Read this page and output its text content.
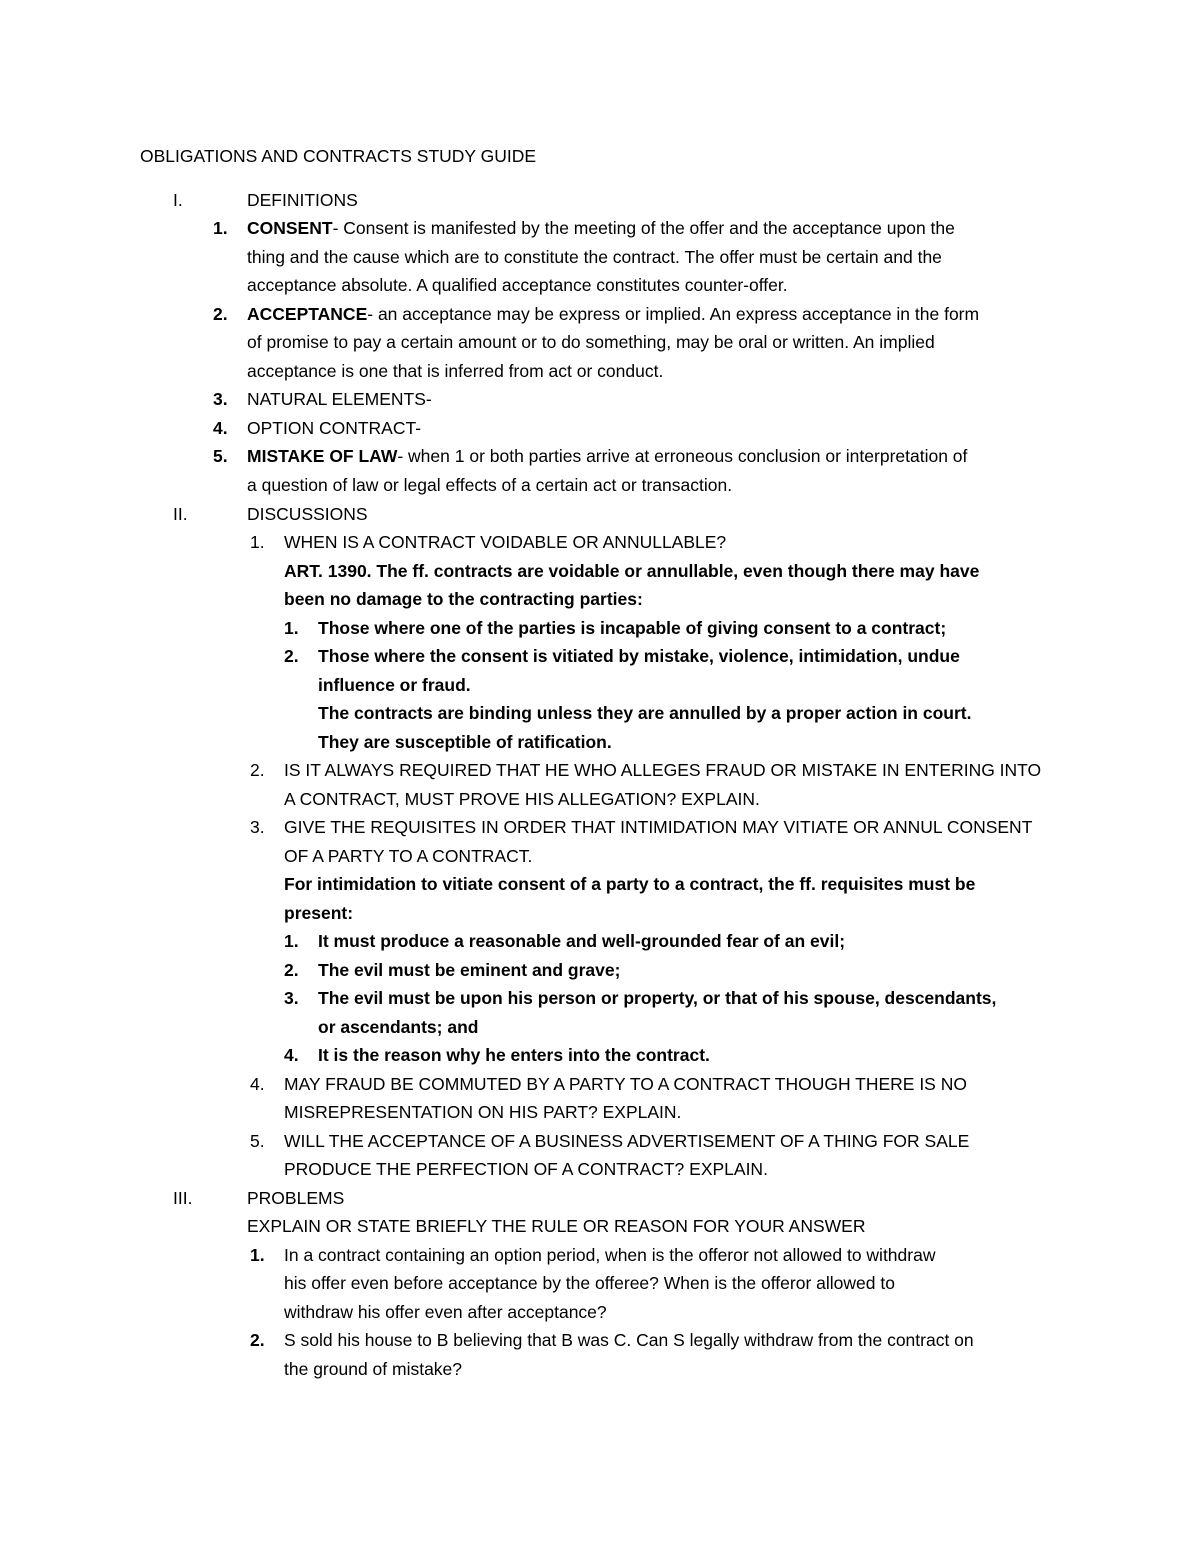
OBLIGATIONS AND CONTRACTS STUDY GUIDE
I.	DEFINITIONS
1. CONSENT- Consent is manifested by the meeting of the offer and the acceptance upon the
thing and the cause which are to constitute the contract. The offer must be certain and the
acceptance absolute. A qualified acceptance constitutes counter-offer.
2. ACCEPTANCE- an acceptance may be express or implied. An express acceptance in the form
of promise to pay a certain amount or to do something, may be oral or written. An implied
acceptance is one that is inferred from act or conduct.
3. NATURAL ELEMENTS-
4. OPTION CONTRACT-
5. MISTAKE OF LAW- when 1 or both parties arrive at erroneous conclusion or interpretation of
a question of law or legal effects of a certain act or transaction.
II.	DISCUSSIONS
1. WHEN IS A CONTRACT VOIDABLE OR ANNULLABLE?
ART. 1390. The ff. contracts are voidable or annullable, even though there may have
been no damage to the contracting parties:
1. Those where one of the parties is incapable of giving consent to a contract;
2. Those where the consent is vitiated by mistake, violence, intimidation, undue
influence or fraud.
The contracts are binding unless they are annulled by a proper action in court.
They are susceptible of ratification.
2. IS IT ALWAYS REQUIRED THAT HE WHO ALLEGES FRAUD OR MISTAKE IN ENTERING INTO
A CONTRACT, MUST PROVE HIS ALLEGATION? EXPLAIN.
3. GIVE THE REQUISITES IN ORDER THAT INTIMIDATION MAY VITIATE OR ANNUL CONSENT
OF A PARTY TO A CONTRACT.
For intimidation to vitiate consent of a party to a contract, the ff. requisites must be
present:
1. It must produce a reasonable and well-grounded fear of an evil;
2. The evil must be eminent and grave;
3. The evil must be upon his person or property, or that of his spouse, descendants,
or ascendants; and
4. It is the reason why he enters into the contract.
4. MAY FRAUD BE COMMUTED BY A PARTY TO A CONTRACT THOUGH THERE IS NO
MISREPRESENTATION ON HIS PART? EXPLAIN.
5. WILL THE ACCEPTANCE OF A BUSINESS ADVERTISEMENT OF A THING FOR SALE
PRODUCE THE PERFECTION OF A CONTRACT? EXPLAIN.
III.	PROBLEMS
EXPLAIN OR STATE BRIEFLY THE RULE OR REASON FOR YOUR ANSWER
1. In a contract containing an option period, when is the offeror not allowed to withdraw
his offer even before acceptance by the offeree? When is the offeror allowed to
withdraw his offer even after acceptance?
2. S sold his house to B believing that B was C. Can S legally withdraw from the contract on
the ground of mistake?
